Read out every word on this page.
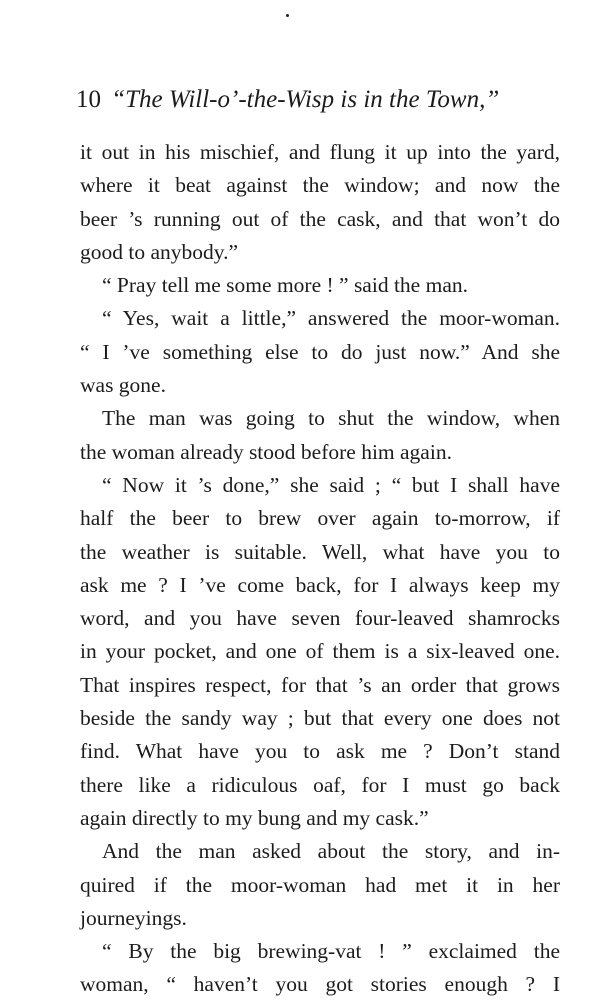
10 “The Will-o’-the-Wisp is in the Town,”
it out in his mischief, and flung it up into the yard,
where it beat against the window; and now the
beer ’s running out of the cask, and that won’t do
good to anybody.”
“ Pray tell me some more ! ” said the man.
“ Yes, wait a little,” answered the moor-woman.
“ I ’ve something else to do just now.” And she
was gone.
The man was going to shut the window, when
the woman already stood before him again.
“ Now it ’s done,” she said ; “ but I shall have
half the beer to brew over again to-morrow, if
the weather is suitable. Well, what have you to
ask me ? I ’ve come back, for I always keep my
word, and you have seven four-leaved shamrocks
in your pocket, and one of them is a six-leaved one.
That inspires respect, for that ’s an order that grows
beside the sandy way ; but that every one does not
find. What have you to ask me ? Don’t stand
there like a ridiculous oaf, for I must go back
again directly to my bung and my cask.”
And the man asked about the story, and in-
quired if the moor-woman had met it in her
journeyings.
“ By the big brewing-vat ! ” exclaimed the
woman, “ haven’t you got stories enough ? I
